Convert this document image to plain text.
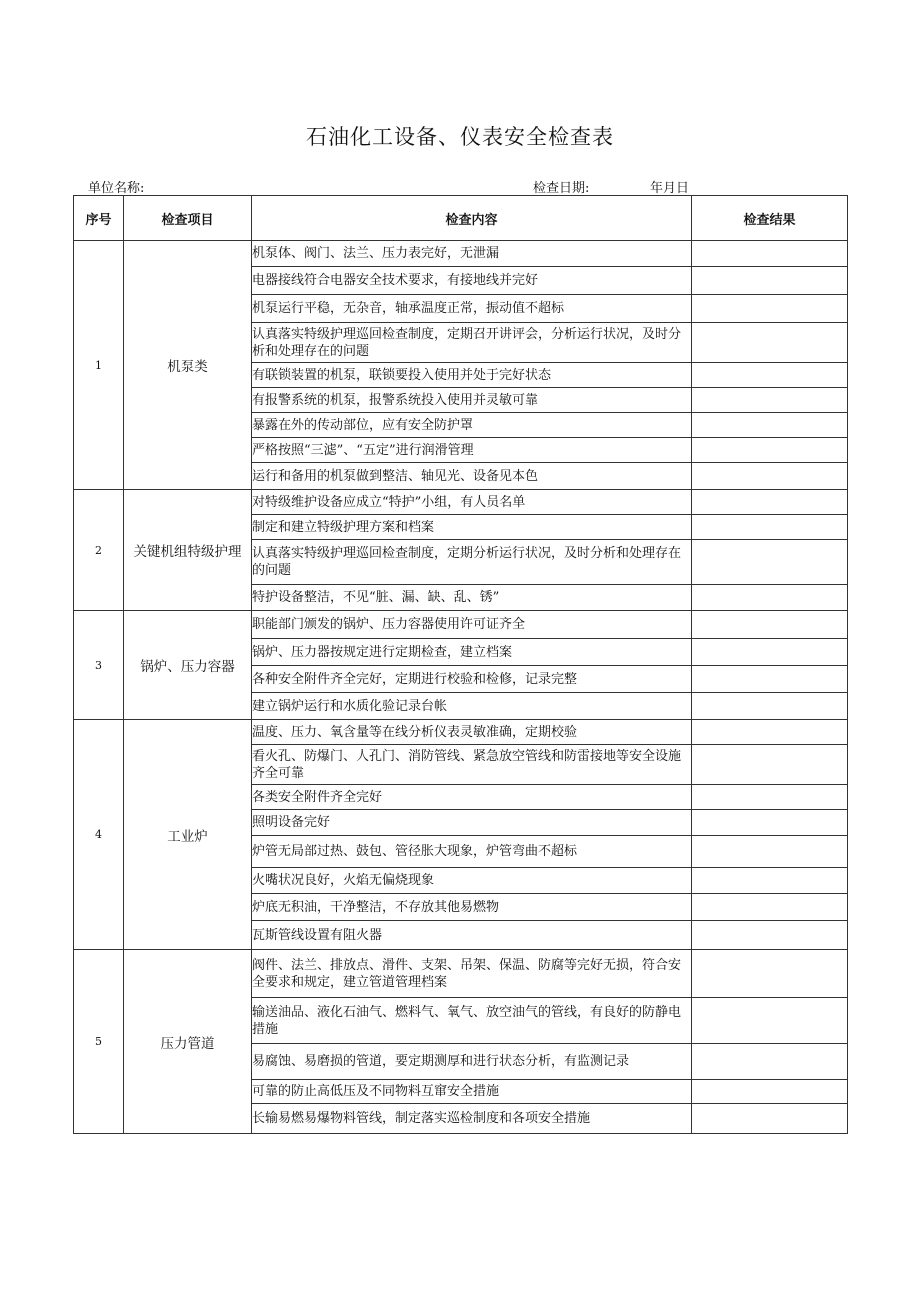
石油化工设备、仪表安全检查表
单位名称:	检查日期:	年月日
序号	检查项目	检查内容	检查结果
1	机泵类	机泵体、阀门、法兰、压力表完好，无泄漏	
		电器接线符合电器安全技术要求，有接地线并完好	
		机泵运行平稳，无杂音，轴承温度正常，振动值不超标	
		认真落实特级护理巡回检查制度，定期召开讲评会，分析运行状况，及时分析和处理存在的问题	
		有联锁装置的机泵，联锁要投入使用并处于完好状态	
		有报警系统的机泵，报警系统投入使用并灵敏可靠	
		暴露在外的传动部位，应有安全防护罩	
		严格按照“三滤”、“五定”进行润滑管理	
		运行和备用的机泵做到整洁、轴见光、设备见本色	
2	关键机组特级护理	对特级维护设备应成立“特护”小组，有人员名单	
		制定和建立特级护理方案和档案	
		认真落实特级护理巡回检查制度，定期分析运行状况，及时分析和处理存在的问题	
		特护设备整洁，不见“脏、漏、缺、乱、锈”	
3	锅炉、压力容器	职能部门颁发的锅炉、压力容器使用许可证齐全	
		锅炉、压力器按规定进行定期检查，建立档案	
		各种安全附件齐全完好，定期进行校验和检修，记录完整	
		建立锅炉运行和水质化验记录台帐	
4	工业炉	温度、压力、氧含量等在线分析仪表灵敏准确，定期校验	
		看火孔、防爆门、人孔门、消防管线、紧急放空管线和防雷接地等安全设施齐全可靠	
		各类安全附件齐全完好	
		照明设备完好	
		炉管无局部过热、鼓包、管径胀大现象，炉管弯曲不超标	
		火嘴状况良好，火焰无偏烧现象	
		炉底无积油，干净整洁，不存放其他易燃物	
		瓦斯管线设置有阻火器	
5	压力管道	阀件、法兰、排放点、滑件、支架、吊架、保温、防腐等完好无损，符合安全要求和规定，建立管道管理档案	
		输送油品、液化石油气、燃料气、氧气、放空油气的管线，有良好的防静电措施	
		易腐蚀、易磨损的管道，要定期测厚和进行状态分析，有监测记录	
		可靠的防止高低压及不同物料互窜安全措施	
		长输易燃易爆物料管线，制定落实巡检制度和各项安全措施	
